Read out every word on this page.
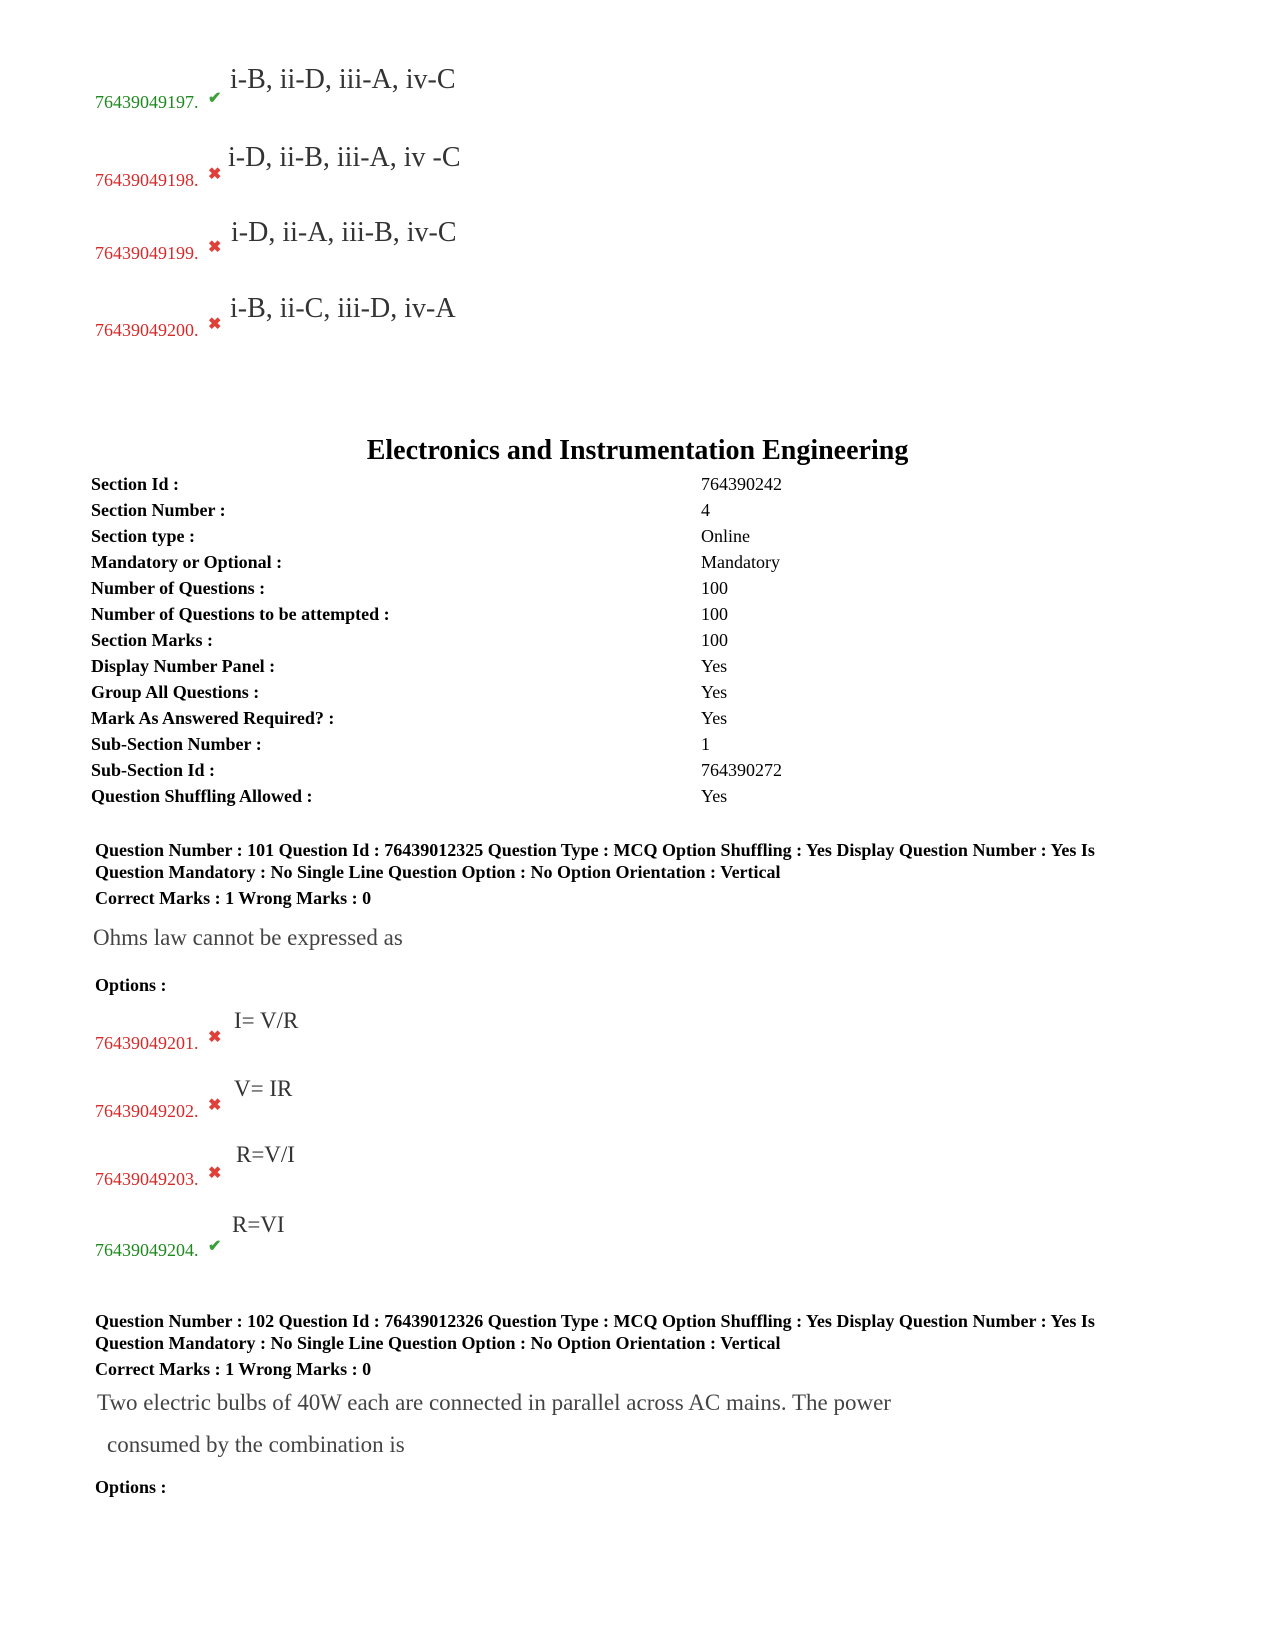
76439049197. ✔
i-B, ii-D, iii-A, iv-C
76439049198. ✖
i-D, ii-B, iii-A, iv -C
76439049199. ✖ i-D, ii-A, iii-B, iv-C
76439049200. ✖
i-B, ii-C, iii-D, iv-A
Electronics and Instrumentation Engineering
Section Id :	764390242
Section Number :	4
Section type :	Online
Mandatory or Optional :	Mandatory
Number of Questions :	100
Number of Questions to be attempted :	100
Section Marks :	100
Display Number Panel :	Yes
Group All Questions :	Yes
Mark As Answered Required? :	Yes
Sub-Section Number :	1
Sub-Section Id :	764390272
Question Shuffling Allowed :	Yes
Question Number : 101 Question Id : 76439012325 Question Type : MCQ Option Shuffling : Yes Display Question Number : Yes Is
Question Mandatory : No Single Line Question Option : No Option Orientation : Vertical
Correct Marks : 1 Wrong Marks : 0
Ohms law cannot be expressed as
Options :
76439049201. ✖
I= V/R
76439049202. ✖
V= IR
76439049203. ✖
R=V/I
76439049204. ✔
R=VI
Question Number : 102 Question Id : 76439012326 Question Type : MCQ Option Shuffling : Yes Display Question Number : Yes Is
Question Mandatory : No Single Line Question Option : No Option Orientation : Vertical
Correct Marks : 1 Wrong Marks : 0
Two electric bulbs of 40W each are connected in parallel across AC mains. The power
consumed by the combination is
Options :
